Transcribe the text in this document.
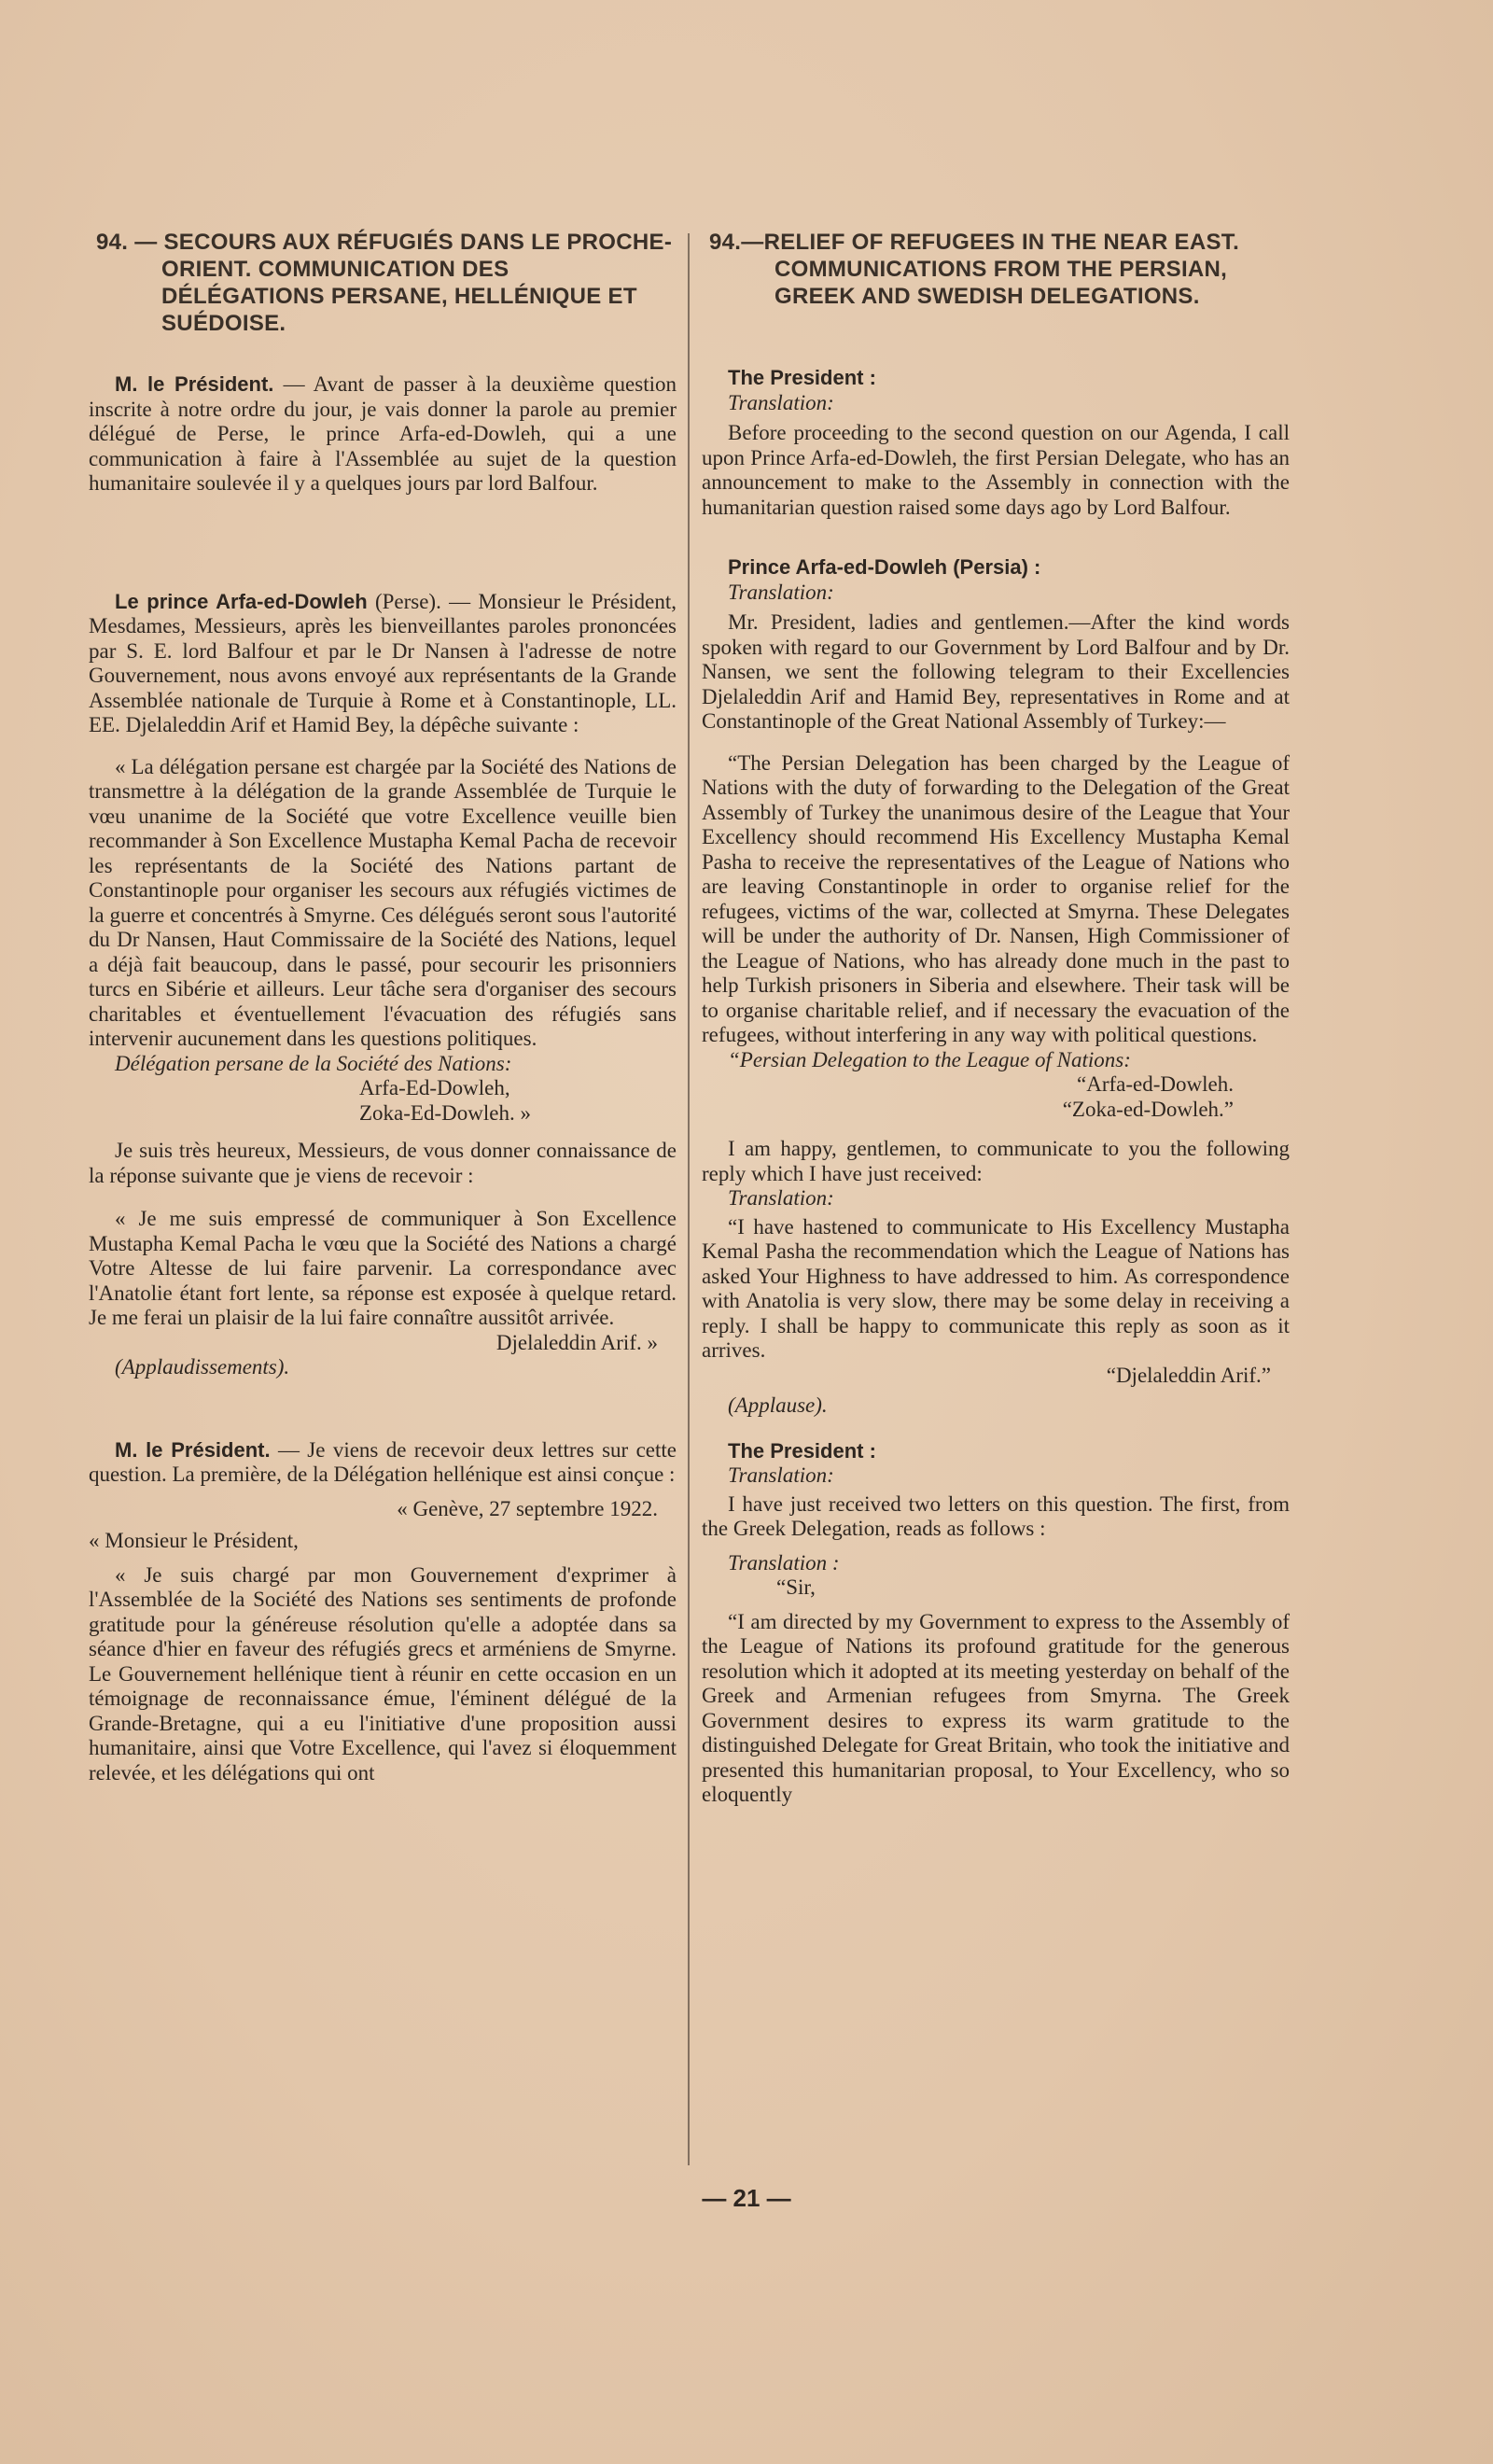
94. — SECOURS AUX RÉFUGIÉS DANS LE PROCHE-ORIENT. COMMUNICATION DES DÉLÉGATIONS PERSANE, HELLÉNIQUE ET SUÉDOISE.

M. le Président. — Avant de passer à la deuxième question inscrite à notre ordre du jour, je vais donner la parole au premier délégué de Perse, le prince Arfa-ed-Dowleh, qui a une communication à faire à l'Assemblée au sujet de la question humanitaire soulevée il y a quelques jours par lord Balfour.

Le prince Arfa-ed-Dowleh (Perse). — Monsieur le Président, Mesdames, Messieurs, après les bienveillantes paroles prononcées par S. E. lord Balfour et par le Dr Nansen à l'adresse de notre Gouvernement, nous avons envoyé aux représentants de la Grande Assemblée nationale de Turquie à Rome et à Constantinople, LL. EE. Djelaleddin Arif et Hamid Bey, la dépêche suivante :

« La délégation persane est chargée par la Société des Nations de transmettre à la délégation de la grande Assemblée de Turquie le vœu unanime de la Société que votre Excellence veuille bien recommander à Son Excellence Mustapha Kemal Pacha de recevoir les représentants de la Société des Nations partant de Constantinople pour organiser les secours aux réfugiés victimes de la guerre et concentrés à Smyrne. Ces délégués seront sous l'autorité du Dr Nansen, Haut Commissaire de la Société des Nations, lequel a déjà fait beaucoup, dans le passé, pour secourir les prisonniers turcs en Sibérie et ailleurs. Leur tâche sera d'organiser des secours charitables et éventuellement l'évacuation des réfugiés sans intervenir aucunement dans les questions politiques.

Délégation persane de la Société des Nations:

Arfa-Ed-Dowleh,

Zoka-Ed-Dowleh. »

Je suis très heureux, Messieurs, de vous donner connaissance de la réponse suivante que je viens de recevoir :

« Je me suis empressé de communiquer à Son Excellence Mustapha Kemal Pacha le vœu que la Société des Nations a chargé Votre Altesse de lui faire parvenir. La correspondance avec l'Anatolie étant fort lente, sa réponse est exposée à quelque retard. Je me ferai un plaisir de la lui faire connaître aussitôt arrivée.

Djelaleddin Arif. »

(Applaudissements).

M. le Président. — Je viens de recevoir deux lettres sur cette question. La première, de la Délégation hellénique est ainsi conçue :

« Genève, 27 septembre 1922.

« Monsieur le Président,

« Je suis chargé par mon Gouvernement d'exprimer à l'Assemblée de la Société des Nations ses sentiments de profonde gratitude pour la généreuse résolution qu'elle a adoptée dans sa séance d'hier en faveur des réfugiés grecs et arméniens de Smyrne. Le Gouvernement hellénique tient à réunir en cette occasion en un témoignage de reconnaissance émue, l'éminent délégué de la Grande-Bretagne, qui a eu l'initiative d'une proposition aussi humanitaire, ainsi que Votre Excellence, qui l'avez si éloquemment relevée, et les délégations qui ont

94.—RELIEF OF REFUGEES IN THE NEAR EAST. COMMUNICATIONS FROM THE PERSIAN, GREEK AND SWEDISH DELEGATIONS.

The President :

Translation:

Before proceeding to the second question on our Agenda, I call upon Prince Arfa-ed-Dowleh, the first Persian Delegate, who has an announcement to make to the Assembly in connection with the humanitarian question raised some days ago by Lord Balfour.

Prince Arfa-ed-Dowleh (Persia) :

Translation:

Mr. President, ladies and gentlemen.—After the kind words spoken with regard to our Government by Lord Balfour and by Dr. Nansen, we sent the following telegram to their Excellencies Djelaleddin Arif and Hamid Bey, representatives in Rome and at Constantinople of the Great National Assembly of Turkey:—

“The Persian Delegation has been charged by the League of Nations with the duty of forwarding to the Delegation of the Great Assembly of Turkey the unanimous desire of the League that Your Excellency should recommend His Excellency Mustapha Kemal Pasha to receive the representatives of the League of Nations who are leaving Constantinople in order to organise relief for the refugees, victims of the war, collected at Smyrna. These Delegates will be under the authority of Dr. Nansen, High Commissioner of the League of Nations, who has already done much in the past to help Turkish prisoners in Siberia and elsewhere. Their task will be to organise charitable relief, and if necessary the evacuation of the refugees, without interfering in any way with political questions.

“Persian Delegation to the League of Nations:

“Arfa-ed-Dowleh.

“Zoka-ed-Dowleh.”

I am happy, gentlemen, to communicate to you the following reply which I have just received:

Translation:

“I have hastened to communicate to His Excellency Mustapha Kemal Pasha the recommendation which the League of Nations has asked Your Highness to have addressed to him. As correspondence with Anatolia is very slow, there may be some delay in receiving a reply. I shall be happy to communicate this reply as soon as it arrives.

“Djelaleddin Arif.”

(Applause).

The President :

Translation:

I have just received two letters on this question. The first, from the Greek Delegation, reads as follows :

Translation :

“Sir,

“I am directed by my Government to express to the Assembly of the League of Nations its profound gratitude for the generous resolution which it adopted at its meeting yesterday on behalf of the Greek and Armenian refugees from Smyrna. The Greek Government desires to express its warm gratitude to the distinguished Delegate for Great Britain, who took the initiative and presented this humanitarian proposal, to Your Excellency, who so eloquently

— 21 —
